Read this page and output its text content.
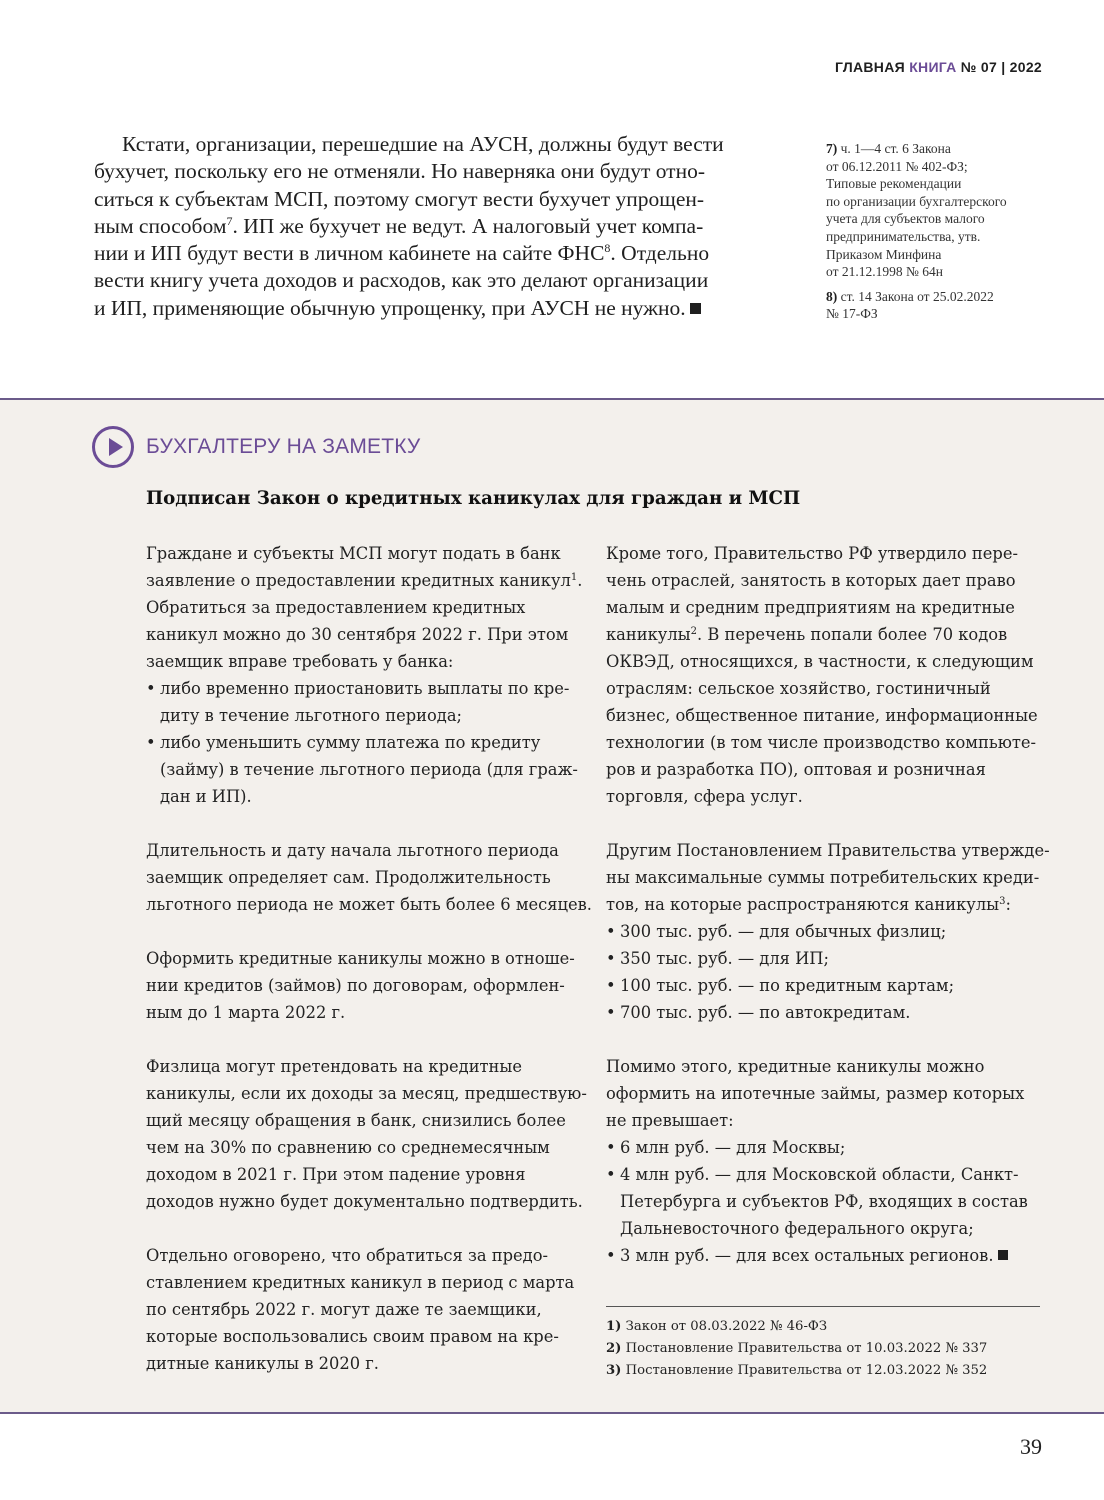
ГЛАВНАЯ КНИГА № 07 | 2022
Кстати, организации, перешедшие на АУСН, должны будут вести
бухучет, поскольку его не отменяли. Но наверняка они будут отно-
ситься к субъектам МСП, поэтому смогут вести бухучет упрощен-
ным способом$^7$. ИП же бухучет не ведут. А налоговый учет компа-
нии и ИП будут вести в личном кабинете на сайте ФНС$^8$. Отдельно
вести книгу учета доходов и расходов, как это делают организации
и ИП, применяющие обычную упрощенку, при АУСН не нужно.
7) ч. 1—4 ст. 6 Закона
от 06.12.2011 № 402-ФЗ;
Типовые рекомендации
по организации бухгалтерского
учета для субъектов малого
предпринимательства, утв.
Приказом Минфина
от 21.12.1998 № 64н
8) ст. 14 Закона от 25.02.2022
№ 17-ФЗ
БУХГАЛТЕРУ НА ЗАМЕТКУ
Подписан Закон о кредитных каникулах для граждан и МСП
Граждане и субъекты МСП могут подать в банк
заявление о предоставлении кредитных каникул$^1$.
Обратиться за предоставлением кредитных
каникул можно до 30 сентября 2022 г. При этом
заемщик вправе требовать у банка:
• либо временно приостановить выплаты по кре-
диту в течение льготного периода;
• либо уменьшить сумму платежа по кредиту
(займу) в течение льготного периода (для граж-
дан и ИП).
Длительность и дату начала льготного периода
заемщик определяет сам. Продолжительность
льготного периода не может быть более 6 месяцев.
Оформить кредитные каникулы можно в отноше-
нии кредитов (займов) по договорам, оформлен-
ным до 1 марта 2022 г.
Физлица могут претендовать на кредитные
каникулы, если их доходы за месяц, предшествую-
щий месяцу обращения в банк, снизились более
чем на 30% по сравнению со среднемесячным
доходом в 2021 г. При этом падение уровня
доходов нужно будет документально подтвердить.
Отдельно оговорено, что обратиться за предо-
ставлением кредитных каникул в период с марта
по сентябрь 2022 г. могут даже те заемщики,
которые воспользовались своим правом на кре-
дитные каникулы в 2020 г.
Кроме того, Правительство РФ утвердило пере-
чень отраслей, занятость в которых дает право
малым и средним предприятиям на кредитные
каникулы$^2$. В перечень попали более 70 кодов
ОКВЭД, относящихся, в частности, к следующим
отраслям: сельское хозяйство, гостиничный
бизнес, общественное питание, информационные
технологии (в том числе производство компьюте-
ров и разработка ПО), оптовая и розничная
торговля, сфера услуг.
Другим Постановлением Правительства утвержде-
ны максимальные суммы потребительских креди-
тов, на которые распространяются каникулы$^3$:
• 300 тыс. руб. — для обычных физлиц;
• 350 тыс. руб. — для ИП;
• 100 тыс. руб. — по кредитным картам;
• 700 тыс. руб. — по автокредитам.
Помимо этого, кредитные каникулы можно
оформить на ипотечные займы, размер которых
не превышает:
• 6 млн руб. — для Москвы;
• 4 млн руб. — для Московской области, Санкт-
Петербурга и субъектов РФ, входящих в состав
Дальневосточного федерального округа;
• 3 млн руб. — для всех остальных регионов.
1) Закон от 08.03.2022 № 46-ФЗ
2) Постановление Правительства от 10.03.2022 № 337
3) Постановление Правительства от 12.03.2022 № 352
39
